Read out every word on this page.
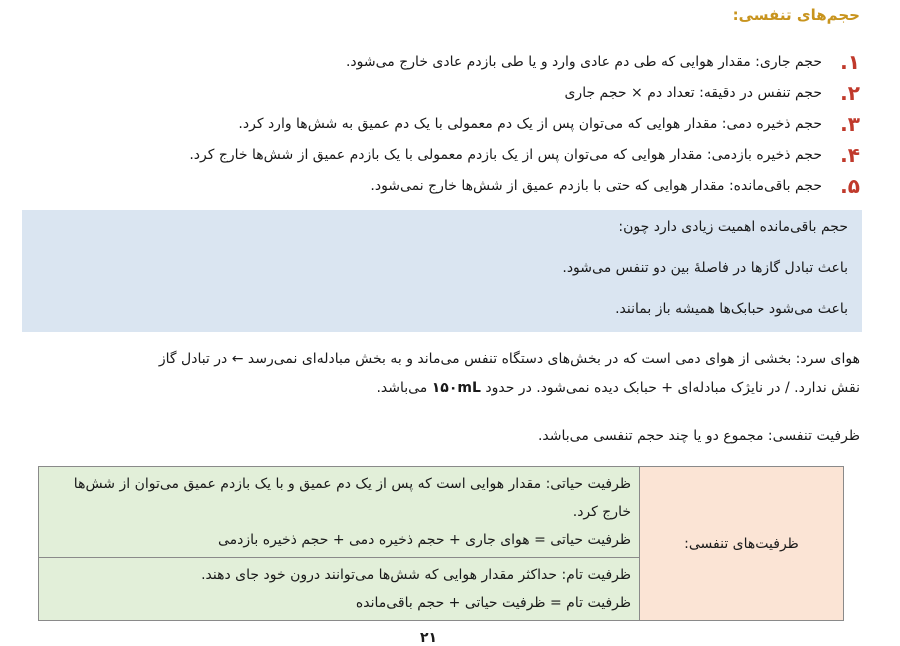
حجم‌های تنفسی:
۱.
حجم جاری: مقدار هوایی که طی دم عادی وارد و یا طی بازدم عادی خارج می‌شود.
۲.
حجم تنفس در دقیقه: تعداد دم × حجم جاری
۳.
حجم ذخیره دمی: مقدار هوایی که می‌توان پس از یک دم معمولی با یک دم عمیق به شش‌ها وارد کرد.
۴.
حجم ذخیره بازدمی: مقدار هوایی که می‌توان پس از یک بازدم معمولی با یک بازدم عمیق از شش‌ها خارج کرد.
۵.
حجم باقی‌مانده: مقدار هوایی که حتی با بازدم عمیق از شش‌ها خارج نمی‌شود.
حجم باقی‌مانده اهمیت زیادی دارد چون:
باعث تبادل گازها در فاصلهٔ بین دو تنفس می‌شود.
باعث می‌شود حبابک‌ها همیشه باز بمانند.
هوای سرد: بخشی از هوای دمی است که در بخش‌های دستگاه تنفس می‌ماند و به بخش مبادله‌ای نمی‌رسد ← در تبادل گاز
نقش ندارد. / در نایژک مبادله‌ای + حبابک دیده نمی‌شود. در حدود ۱۵۰mL می‌باشد.
ظرفیت تنفسی: مجموع دو یا چند حجم تنفسی می‌باشد.
ظرفیت‌های تنفسی:	
ظرفیت حیاتی: مقدار هوایی است که پس از یک دم عمیق و با یک بازدم عمیق می‌توان از شش‌ها خارج کرد.
ظرفیت حیاتی = هوای جاری + حجم ذخیره دمی + حجم ذخیره بازدمی

ظرفیت تام: حداکثر مقدار هوایی که شش‌ها می‌توانند درون خود جای دهند.
ظرفیت تام = ظرفیت حیاتی + حجم باقی‌مانده
۲۱
